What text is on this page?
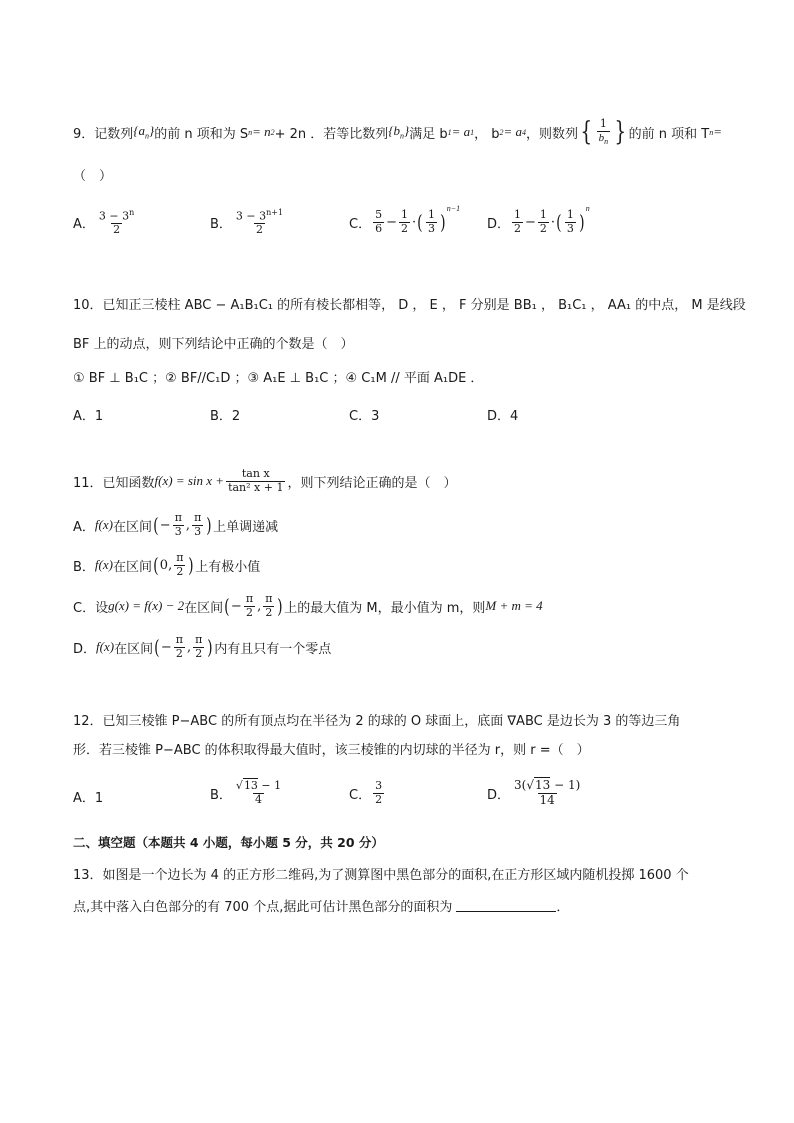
9． 记数列 $\{a_n\}$ 的前 n 项和为 S n = n 2 + 2n ．若等比数列 $\{b_n\}$ 满足 b 1 = a 1 ， b 2 = a 4 ，则数列 { $\frac{1}{b_n}$ } 的前 n 项和 T n =
（　）
A． $\frac{3 - 3^n}{2}$	B． $\frac{3 - 3^{n+1}}{2}$	C． $\frac{5}{6} - \frac{1}{2}$ · ( $\frac{1}{3}$ )
$^{n-1}$
D． $\frac{1}{2} - \frac{1}{2}$ · ( $\frac{1}{3}$ )
$^n$
10．已知正三棱柱 ABC − A₁B₁C₁ 的所有棱长都相等， D ， E ， F 分别是 BB₁ ， B₁C₁ ， AA₁ 的中点， M 是线段
BF 上的动点，则下列结论中正确的个数是（　）
① BF ⊥ B₁C ；② BF//C₁D ；③ A₁E ⊥ B₁C ；④ C₁M // 平面 A₁DE ．
A．1	B．2	C．3	D．4
11．已知函数 $f(x) = \sin x + \frac{\text{tan x}}{\text{tan² x + 1}}$ ，则下列结论正确的是（　）
A． f(x) 在区间 ( − $\frac{\pi}{3}$ , $\frac{\pi}{3}$ ) 上单调递减
B． f(x) 在区间 ( 0, $\frac{\pi}{2}$ ) 上有极小值
C．设 g(x) = f(x) − 2 在区间 ( − $\frac{\pi}{2}$ , $\frac{\pi}{2}$ ) 上的最大值为 M，最小值为 m，则 M + m = 4
D． f(x) 在区间 ( − $\frac{\pi}{2}$ , $\frac{\pi}{2}$ ) 内有且只有一个零点
12．已知三棱锥 P−ABC 的所有顶点均在半径为 2 的球的 O 球面上，底面 ∇ABC 是边长为 3 的等边三角
形．若三棱锥 P−ABC 的体积取得最大值时，该三棱锥的内切球的半径为 r，则 r =（　）
A．1	B． $\frac{√13 - 1}{4}$	C． $\frac{3}{2}$	D． $\frac{3(√13 - 1)}{14}$
二、填空题（本题共 4 小题，每小题 5 分，共 20 分）
13．如图是一个边长为 4 的正方形二维码,为了测算图中黑色部分的面积,在正方形区域内随机投掷 1600 个
点,其中落入白色部分的有 700 个点,据此可估计黑色部分的面积为	．
